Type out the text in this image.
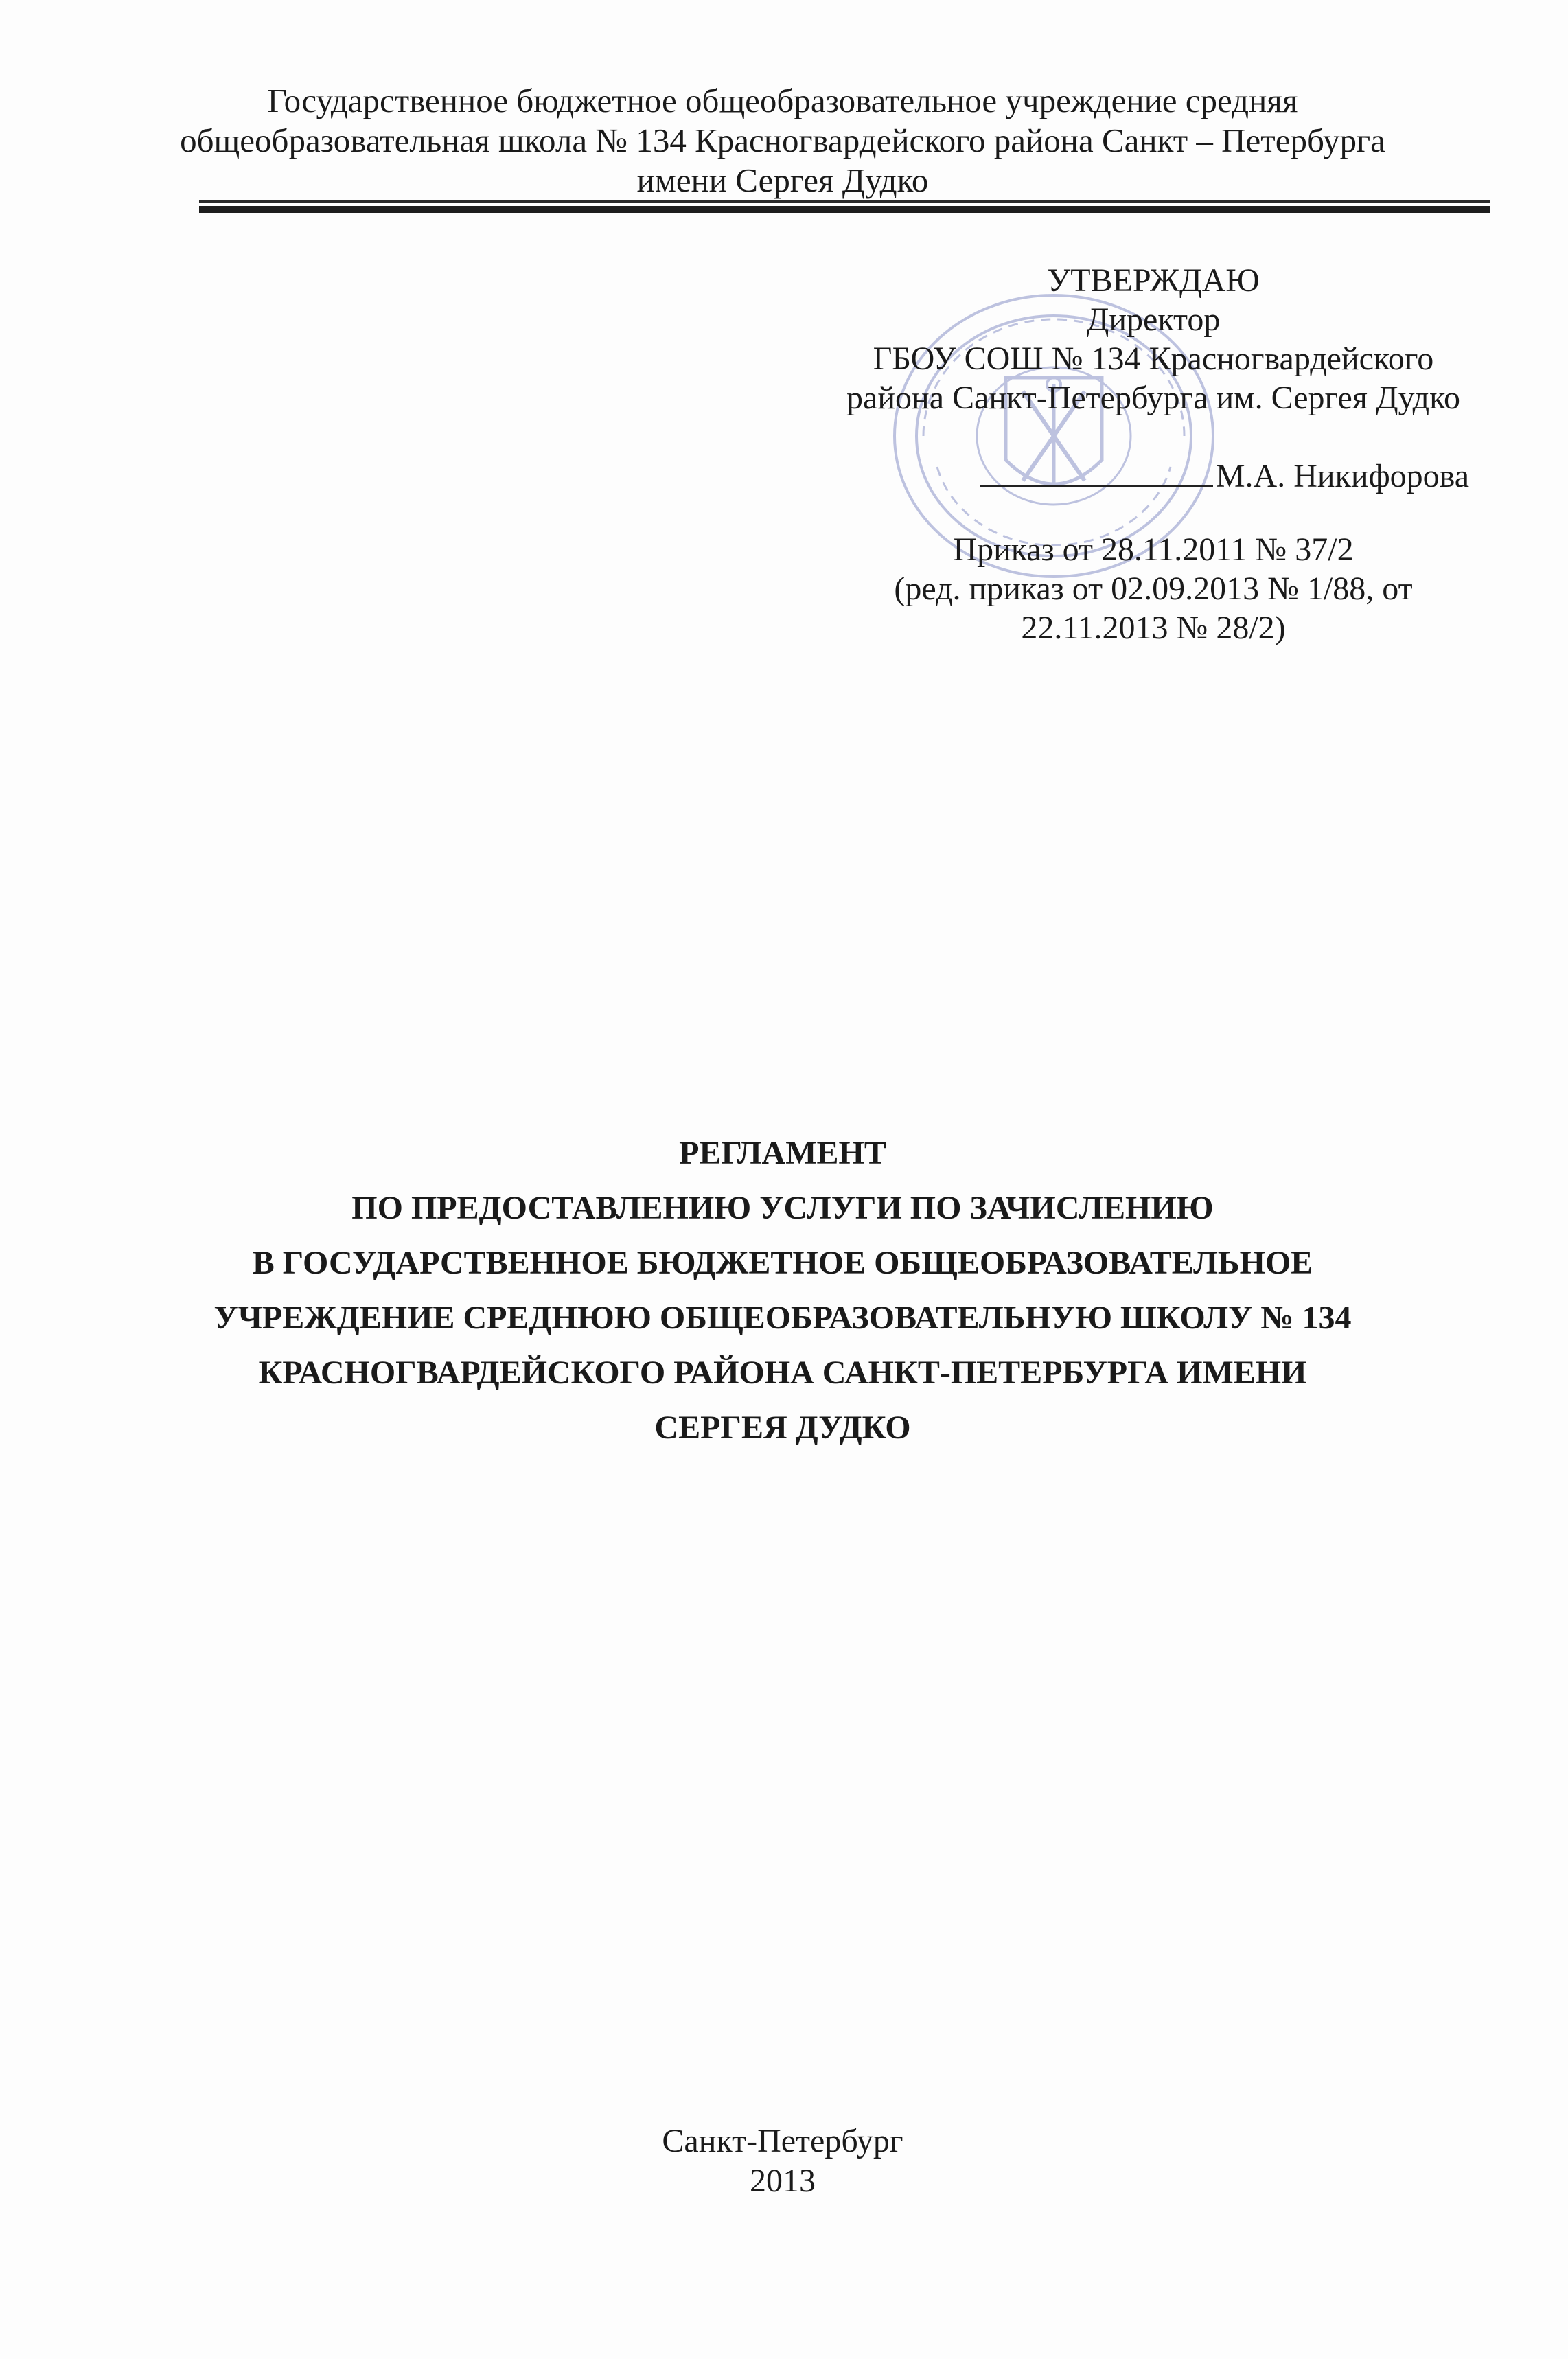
Государственное бюджетное общеобразовательное учреждение средняя
общеобразовательная школа № 134 Красногвардейского района Санкт – Петербурга
имени Сергея Дудко
УТВЕРЖДАЮ
Директор
ГБОУ СОШ № 134 Красногвардейского
района Санкт-Петербурга им. Сергея Дудко
М.А. Никифорова
Приказ от 28.11.2011 № 37/2
(ред. приказ от 02.09.2013 № 1/88, от
22.11.2013 № 28/2)
РЕГЛАМЕНТ
ПО ПРЕДОСТАВЛЕНИЮ УСЛУГИ ПО ЗАЧИСЛЕНИЮ
В ГОСУДАРСТВЕННОЕ БЮДЖЕТНОЕ ОБЩЕОБРАЗОВАТЕЛЬНОЕ
УЧРЕЖДЕНИЕ СРЕДНЮЮ ОБЩЕОБРАЗОВАТЕЛЬНУЮ ШКОЛУ № 134
КРАСНОГВАРДЕЙСКОГО РАЙОНА САНКТ-ПЕТЕРБУРГА ИМЕНИ
СЕРГЕЯ ДУДКО
Санкт-Петербург
2013
